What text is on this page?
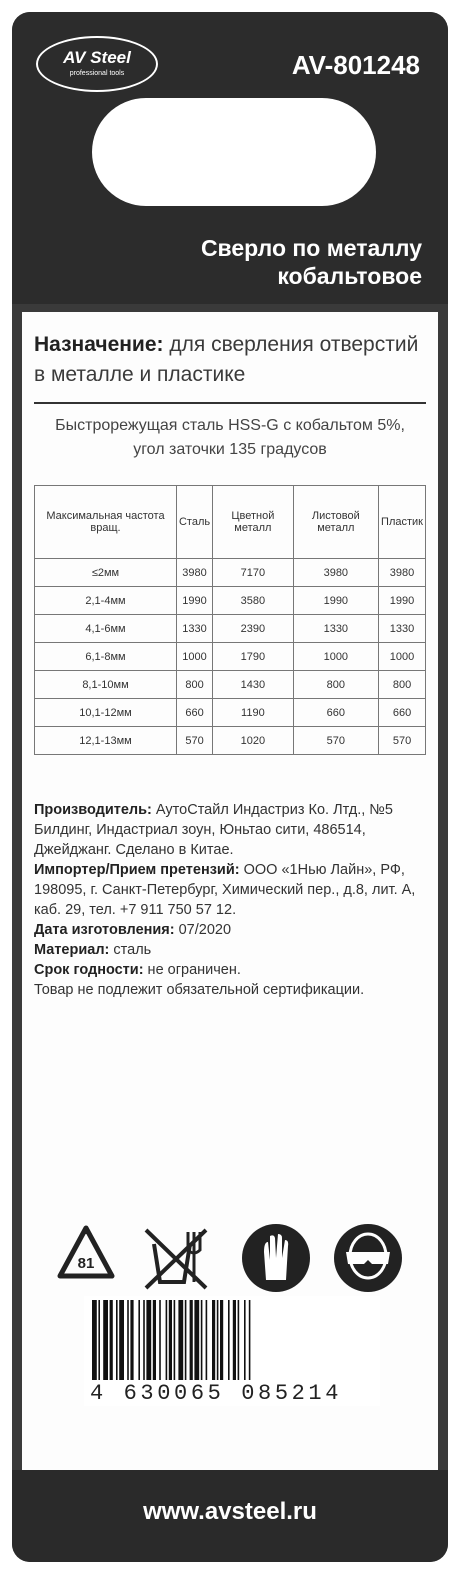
AV Steel
professional tools	AV-801248
Сверло по металлу
кобальтовое
Назначение: для сверления отверстий в металле и пластике
Быстрорежущая сталь HSS-G с кобальтом 5%,
угол заточки 135 градусов
Максимальная частота вращ.	Сталь	Цветной металл	Листовой металл	Пластик
≤2мм	3980	7170	3980	3980
2,1-4мм	1990	3580	1990	1990
4,1-6мм	1330	2390	1330	1330
6,1-8мм	1000	1790	1000	1000
8,1-10мм	800	1430	800	800
10,1-12мм	660	1190	660	660
12,1-13мм	570	1020	570	570

Производитель: АутоСтайл Индастриз Ко. Лтд., №5 Билдинг, Индастриал зоун, Юньтао сити, 486514, Джейджанг. Сделано в Китае.

Импортер/Прием претензий: ООО «1Нью Лайн», РФ, 198095, г. Санкт-Петербург, Химический пер., д.8, лит. А, каб. 29, тел. +7 911 750 57 12.

Дата изготовления: 07/2020

Материал: сталь

Срок годности: не ограничен.

Товар не подлежит обязательной сертификации.

81
4 630065 085214
www.avsteel.ru
